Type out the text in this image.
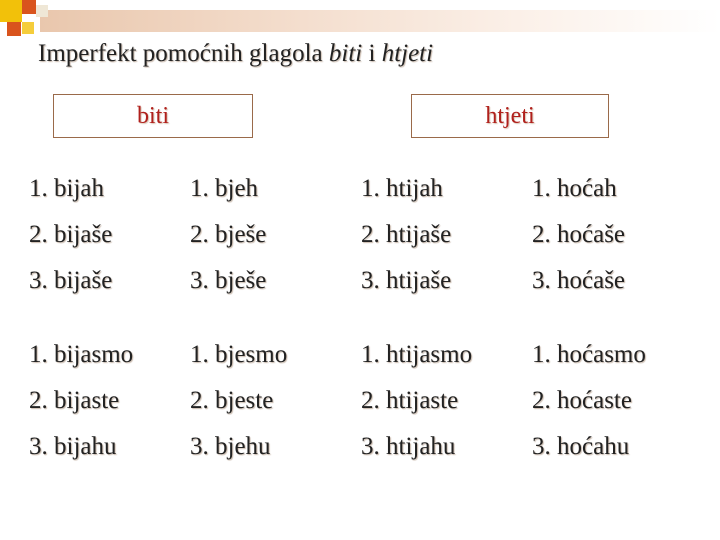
Imperfekt pomoćnih glagola biti i htjeti
biti	htjeti
1. bijah
2. bijaše
3. bijaše
1. bijasmo
2. bijaste
3. bijahu
1. bjeh
2. bješe
3. bješe
1. bjesmo
2. bjeste
3. bjehu
1. htijah
2. htijaše
3. htijaše
1. htijasmo
2. htijaste
3. htijahu
1. hoćah
2. hoćaše
3. hoćaše
1. hoćasmo
2. hoćaste
3. hoćahu
